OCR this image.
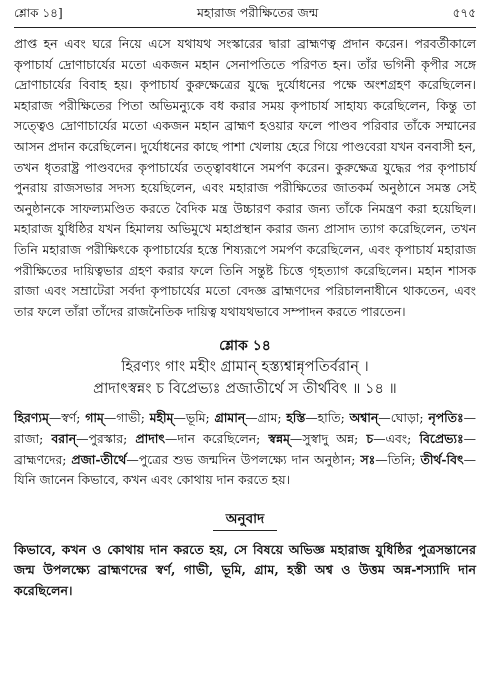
শ্লোক ১৪]	মহারাজ পরীক্ষিতের জন্ম	৫৭৫

প্রাপ্ত হন এবং ঘরে নিয়ে এসে যথাযথ সংস্কারের দ্বারা ব্রাহ্মণত্ব প্রদান করেন। পরবর্তীকালে কৃপাচার্য দ্রোণাচার্যের মতো একজন মহান সেনাপতিতে পরিণত হন। তাঁর ভগিনী কৃপীর সঙ্গে দ্রোণাচার্যের বিবাহ হয়। কৃপাচার্য কুরুক্ষেত্রের যুদ্ধে দুর্যোধনের পক্ষে অংশগ্রহণ করেছিলেন। মহারাজ পরীক্ষিতের পিতা অভিমন্যুকে বধ করার সময় কৃপাচার্য সাহায্য করেছিলেন, কিন্তু তা সত্ত্বেও দ্রোণাচার্যের মতো একজন মহান ব্রাহ্মণ হওয়ার ফলে পাণ্ডব পরিবার তাঁকে সম্মানের আসন প্রদান করেছিলেন। দুর্যোধনের কাছে পাশা খেলায় হেরে গিয়ে পাণ্ডবেরা যখন বনবাসী হন, তখন ধৃতরাষ্ট্র পাণ্ডবদের কৃপাচার্যের তত্ত্বাবধানে সমর্পণ করেন। কুরুক্ষেত্র যুদ্ধের পর কৃপাচার্য পুনরায় রাজসভার সদস্য হয়েছিলেন, এবং মহারাজ পরীক্ষিতের জাতকর্ম অনুষ্ঠানে সমস্ত সেই অনুষ্ঠানকে সাফল্যমণ্ডিত করতে বৈদিক মন্ত্র উচ্চারণ করার জন্য তাঁকে নিমন্ত্রণ করা হয়েছিল। মহারাজ যুধিষ্ঠির যখন হিমালয় অভিমুখে মহাপ্রস্থান করার জন্য প্রাসাদ ত্যাগ করেছিলেন, তখন তিনি মহারাজ পরীক্ষিৎকে কৃপাচার্যের হস্তে শিষ্যরূপে সমর্পণ করেছিলেন, এবং কৃপাচার্য মহারাজ পরীক্ষিতের দায়িত্বভার গ্রহণ করার ফলে তিনি সন্তুষ্ট চিত্তে গৃহত্যাগ করেছিলেন। মহান শাসক রাজা এবং সম্রাটেরা সর্বদা কৃপাচার্যের মতো বেদজ্ঞ ব্রাহ্মণদের পরিচালনাধীনে থাকতেন, এবং তার ফলে তাঁরা তাঁদের রাজনৈতিক দায়িত্ব যথাযথভাবে সম্পাদন করতে পারতেন।

শ্লোক ১৪
হিরণ্যং গাং মহীং গ্রামান্ হস্ত্যশ্বান্নৃপতির্বরান্ ।
প্রাদাৎস্বন্নং চ বিপ্রেভ্যঃ প্রজাতীর্থে স তীর্থবিৎ ॥ ১৪ ॥
হিরণ্যম্—স্বর্ণ; গাম্—গাভী; মহীম্—ভূমি; গ্রামান্—গ্রাম; হস্তি—হাতি; অশ্বান্—ঘোড়া; নৃপতিঃ—রাজা; বরান্—পুরস্কার; প্রাদাৎ—দান করেছিলেন; স্বন্নম্—সুস্বাদু অন্ন; চ—এবং; বিপ্রেভ্যঃ—ব্রাহ্মণদের; প্রজা-তীর্থে—পুত্রের শুভ জন্মদিন উপলক্ষ্যে দান অনুষ্ঠান; সঃ—তিনি; তীর্থ-বিৎ—যিনি জানেন কিভাবে, কখন এবং কোথায় দান করতে হয়।
অনুবাদ

কিভাবে, কখন ও কোথায় দান করতে হয়, সে বিষয়ে অভিজ্ঞ মহারাজ যুধিষ্ঠির পুত্রসন্তানের জন্ম উপলক্ষ্যে ব্রাহ্মণদের স্বর্ণ, গাভী, ভূমি, গ্রাম, হস্তী অশ্ব ও উত্তম অন্ন-শস্যাদি দান করেছিলেন।
